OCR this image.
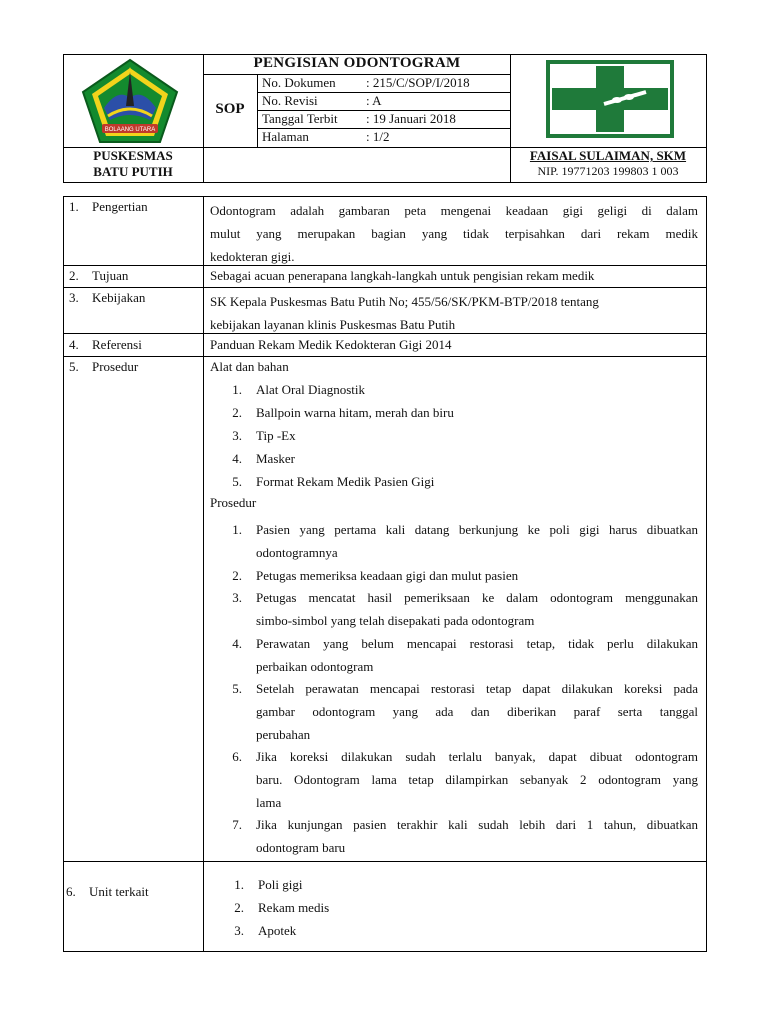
BOLAANG UTARA
PENGISIAN ODONTOGRAM
SOP
No. Dokumen : 215/C/SOP/I/2018
No. Revisi	: A
Tanggal Terbit : 19 Januari 2018
Halaman	: 1/2
PUSKESMAS
BATU PUTIH
FAISAL SULAIMAN, SKM
NIP. 19771203 199803 1 003
1. Pengertian	Odontogram adalah gambaran peta mengenai keadaan gigi geligi di dalam
mulut yang merupakan bagian yang tidak terpisahkan dari rekam medik
kedokteran gigi.
2. Tujuan	Sebagai acuan penerapana langkah-langkah untuk pengisian rekam medik
3. Kebijakan	SK Kepala Puskesmas Batu Putih No; 455/56/SK/PKM-BTP/2018 tentang
kebijakan layanan klinis Puskesmas Batu Putih
4. Referensi	Panduan Rekam Medik Kedokteran Gigi 2014
5. Prosedur	Alat dan bahan
1. Alat Oral Diagnostik
2. Ballpoin warna hitam, merah dan biru
3. Tip -Ex
4. Masker
5. Format Rekam Medik Pasien Gigi
Prosedur
1. Pasien yang pertama kali datang berkunjung ke poli gigi harus dibuatkan
odontogramnya
2. Petugas memeriksa keadaan gigi dan mulut pasien
3. Petugas mencatat hasil pemeriksaan ke dalam odontogram menggunakan
simbo-simbol yang telah disepakati pada odontogram
4. Perawatan yang belum mencapai restorasi tetap, tidak perlu dilakukan
perbaikan odontogram
5. Setelah perawatan mencapai restorasi tetap dapat dilakukan koreksi pada
gambar odontogram yang ada dan diberikan paraf serta tanggal
perubahan
6. Jika koreksi dilakukan sudah terlalu banyak, dapat dibuat odontogram
baru. Odontogram lama tetap dilampirkan sebanyak 2 odontogram yang
lama
7. Jika kunjungan pasien terakhir kali sudah lebih dari 1 tahun, dibuatkan
odontogram baru
6. Unit terkait	1. Poli gigi
2. Rekam medis
3. Apotek
